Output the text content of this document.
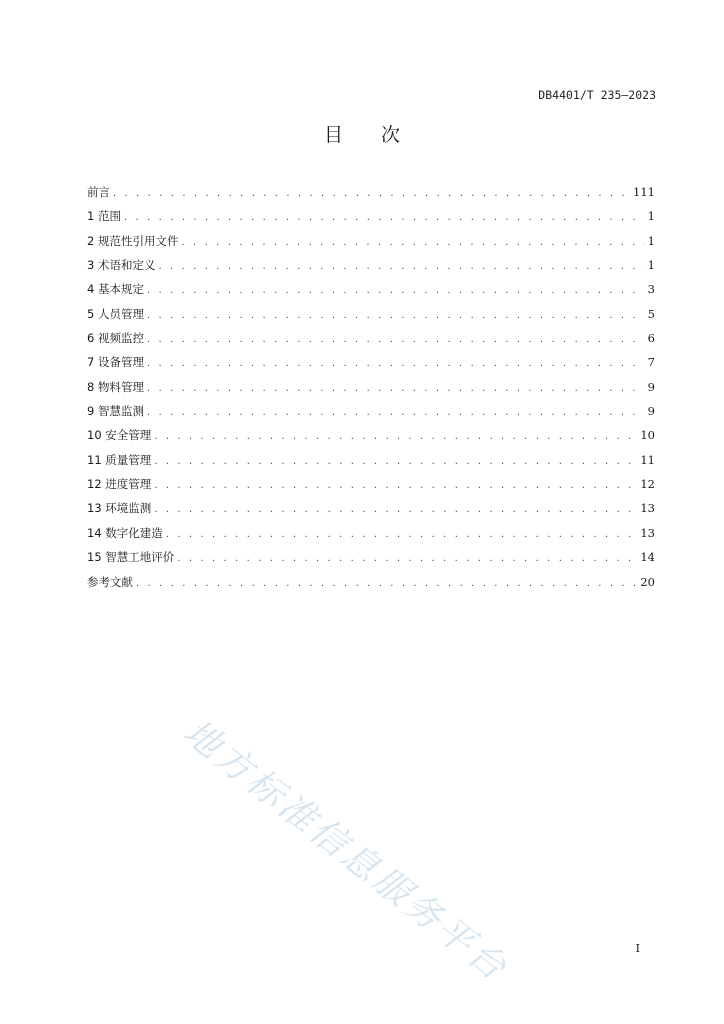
DB4401/T 235—2023
目 次
前言 . . .	111
1 范围 . . .	1
2 规范性引用文件 . . .	1
3 术语和定义 . . .	1
4 基本规定 . . .	3
5 人员管理 . . .	5
6 视频监控 . . .	6
7 设备管理 . . .	7
8 物料管理 . . .	9
9 智慧监测 . . .	9
10 安全管理 . . .	10
11 质量管理 . . .	11
12 进度管理 . . .	12
13 环境监测 . . .	13
14 数字化建造 . . .	13
15 智慧工地评价 . . .	14
参考文献 . . .	20
地方标准信息服务平台	I
